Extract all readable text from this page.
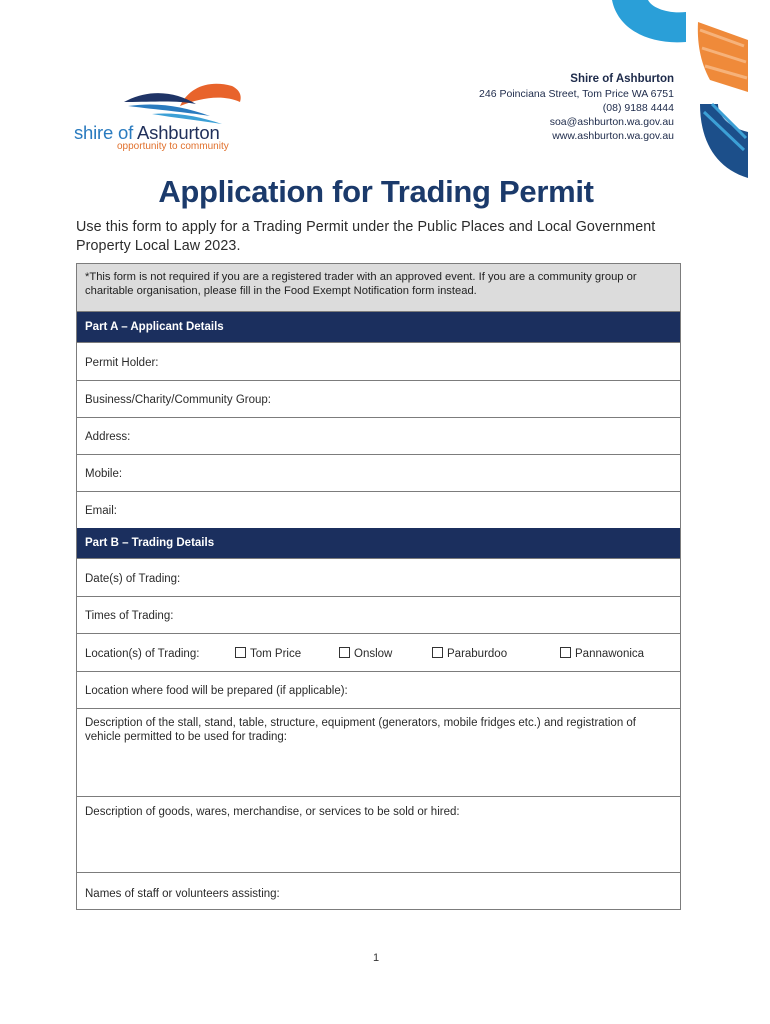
shire of Ashburton
opportunity to community
Shire of Ashburton
246 Poinciana Street, Tom Price WA 6751
(08) 9188 4444
soa@ashburton.wa.gov.au
www.ashburton.wa.gov.au
Application for Trading Permit
Use this form to apply for a Trading Permit under the Public Places and Local Government Property Local Law 2023.
*This form is not required if you are a registered trader with an approved event. If you are a community group or charitable organisation, please fill in the Food Exempt Notification form instead.
Part A – Applicant Details
Permit Holder:
Business/Charity/Community Group:
Address:
Mobile:
Email:
Part B – Trading Details
Date(s) of Trading:
Times of Trading:
Location(s) of Trading:	Tom Price	Onslow	Paraburdoo	Pannawonica
Location where food will be prepared (if applicable):
Description of the stall, stand, table, structure, equipment (generators, mobile fridges etc.) and registration of vehicle permitted to be used for trading:
Description of goods, wares, merchandise, or services to be sold or hired:
Names of staff or volunteers assisting:
1
